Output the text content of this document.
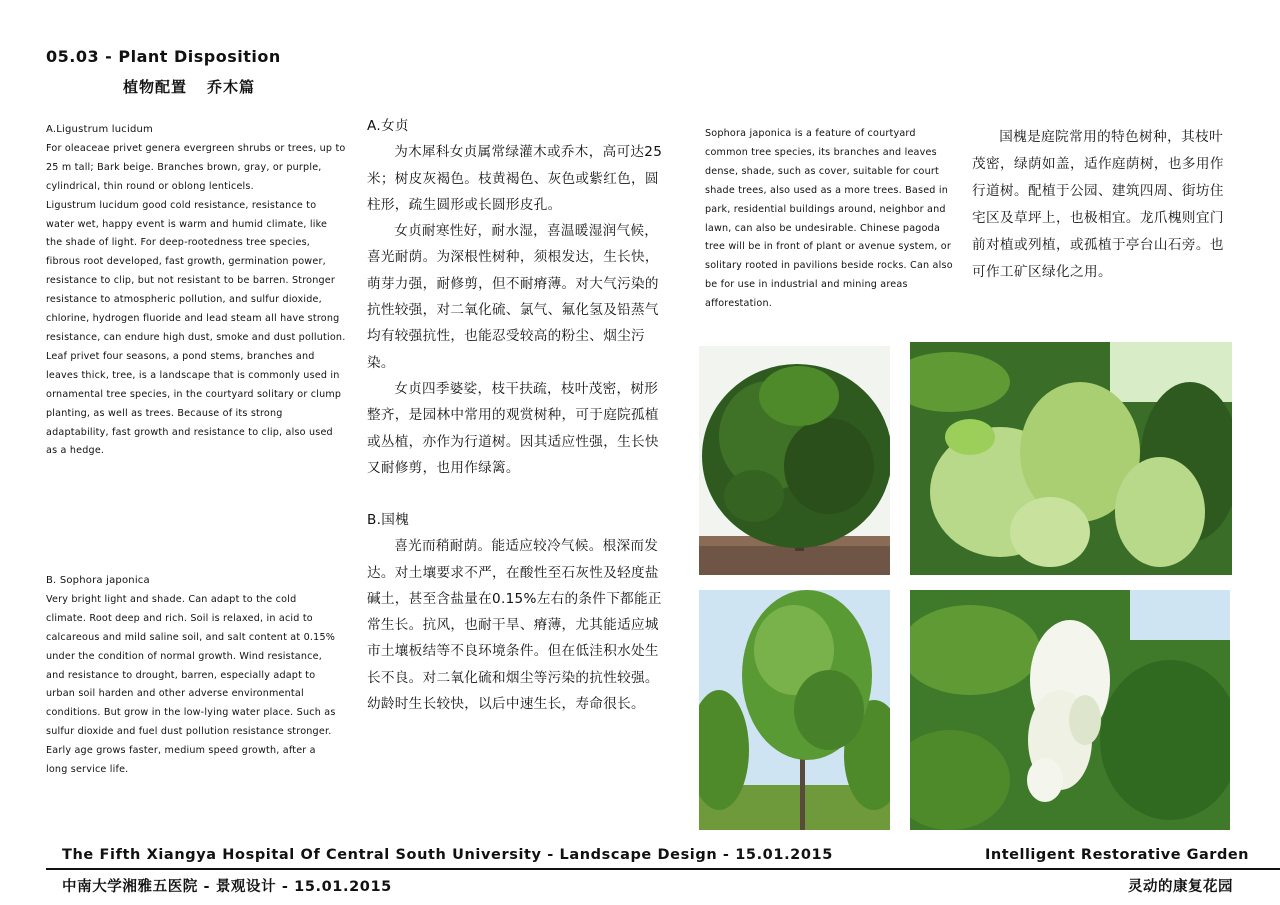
05.03 - Plant Disposition
植物配置 乔木篇

A.Ligustrum lucidum

For oleaceae privet genera evergreen shrubs or trees, up to 25 m tall; Bark beige. Branches brown, gray, or purple, cylindrical, thin round or oblong lenticels.

Ligustrum lucidum good cold resistance, resistance to water wet, happy event is warm and humid climate, like the shade of light. For deep-rootedness tree species, fibrous root developed, fast growth, germination power, resistance to clip, but not resistant to be barren. Stronger resistance to atmospheric pollution, and sulfur dioxide, chlorine, hydrogen fluoride and lead steam all have strong resistance, can endure high dust, smoke and dust pollution.

Leaf privet four seasons, a pond stems, branches and leaves thick, tree, is a landscape that is commonly used in ornamental tree species, in the courtyard solitary or clump planting, as well as trees. Because of its strong adaptability, fast growth and resistance to clip, also used as a hedge.

B. Sophora japonica

Very bright light and shade. Can adapt to the cold climate. Root deep and rich. Soil is relaxed, in acid to calcareous and mild saline soil, and salt content at 0.15% under the condition of normal growth. Wind resistance, and resistance to drought, barren, especially adapt to urban soil harden and other adverse environmental conditions. But grow in the low-lying water place. Such as sulfur dioxide and fuel dust pollution resistance stronger. Early age grows faster, medium speed growth, after a long service life.

A.女贞

为木犀科女贞属常绿灌木或乔木，高可达25米；树皮灰褐色。枝黄褐色、灰色或紫红色，圆柱形，疏生圆形或长圆形皮孔。

女贞耐寒性好，耐水湿，喜温暖湿润气候，喜光耐荫。为深根性树种，须根发达，生长快，萌芽力强，耐修剪，但不耐瘠薄。对大气污染的抗性较强，对二氧化硫、氯气、氟化氢及铅蒸气均有较强抗性，也能忍受较高的粉尘、烟尘污染。

女贞四季婆娑，枝干扶疏，枝叶茂密，树形整齐，是园林中常用的观赏树种，可于庭院孤植或丛植，亦作为行道树。因其适应性强，生长快又耐修剪，也用作绿篱。

B.国槐

喜光而稍耐荫。能适应较冷气候。根深而发达。对土壤要求不严，在酸性至石灰性及轻度盐碱土，甚至含盐量在0.15%左右的条件下都能正常生长。抗风，也耐干旱、瘠薄，尤其能适应城市土壤板结等不良环境条件。但在低洼积水处生长不良。对二氧化硫和烟尘等污染的抗性较强。幼龄时生长较快，以后中速生长，寿命很长。

Sophora japonica is a feature of courtyard common tree species, its branches and leaves dense, shade, such as cover, suitable for court shade trees, also used as a more trees. Based in park, residential buildings around, neighbor and lawn, can also be undesirable. Chinese pagoda tree will be in front of plant or avenue system, or solitary rooted in pavilions beside rocks. Can also be for use in industrial and mining areas afforestation.
国槐是庭院常用的特色树种，其枝叶茂密，绿荫如盖，适作庭荫树，也多用作行道树。配植于公园、建筑四周、街坊住宅区及草坪上，也极相宜。龙爪槐则宜门前对植或列植，或孤植于亭台山石旁。也可作工矿区绿化之用。
The Fifth Xiangya Hospital Of Central South University - Landscape Design - 15.01.2015	Intelligent Restorative Garden
中南大学湘雅五医院 - 景观设计 - 15.01.2015	灵动的康复花园
